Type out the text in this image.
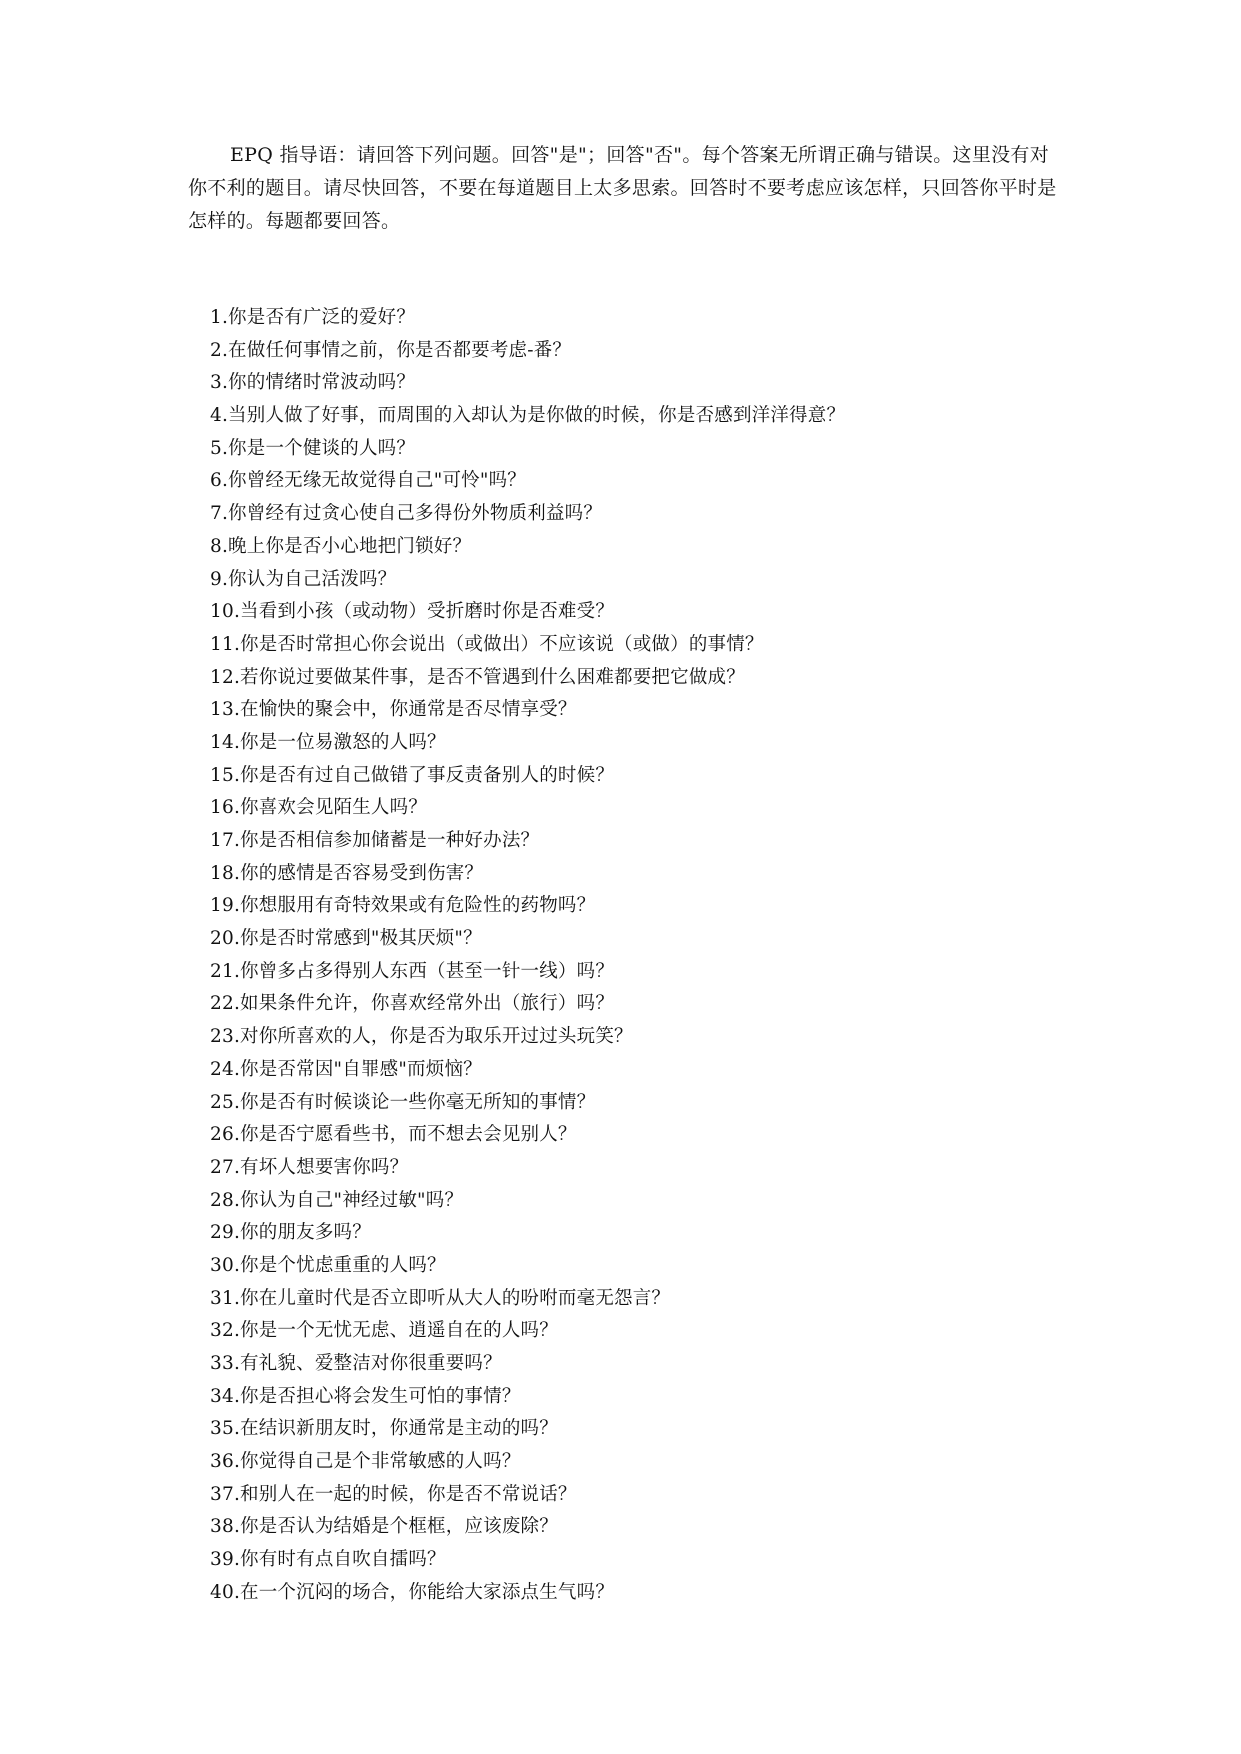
EPQ 指导语：请回答下列问题。回答"是"；回答"否"。每个答案无所谓正确与错误。这里没有对你不利的题目。请尽快回答，不要在每道题目上太多思索。回答时不要考虑应该怎样，只回答你平时是怎样的。每题都要回答。

1.你是否有广泛的爱好？
2.在做任何事情之前，你是否都要考虑-番？
3.你的情绪时常波动吗？
4.当别人做了好事，而周围的入却认为是你做的时候，你是否感到洋洋得意？
5.你是一个健谈的人吗？
6.你曾经无缘无故觉得自己"可怜"吗？
7.你曾经有过贪心使自己多得份外物质利益吗？
8.晚上你是否小心地把门锁好？
9.你认为自己活泼吗？
10.当看到小孩（或动物）受折磨时你是否难受？
11.你是否时常担心你会说出（或做出）不应该说（或做）的事情？
12.若你说过要做某件事，是否不管遇到什么困难都要把它做成？
13.在愉快的聚会中，你通常是否尽情享受？
14.你是一位易激怒的人吗？
15.你是否有过自己做错了事反责备别人的时候？
16.你喜欢会见陌生人吗？
17.你是否相信参加储蓄是一种好办法？
18.你的感情是否容易受到伤害？
19.你想服用有奇特效果或有危险性的药物吗？
20.你是否时常感到"极其厌烦"？
21.你曾多占多得别人东西（甚至一针一线）吗？
22.如果条件允许，你喜欢经常外出（旅行）吗？
23.对你所喜欢的人，你是否为取乐开过过头玩笑？
24.你是否常因"自罪感"而烦恼？
25.你是否有时候谈论一些你毫无所知的事情？
26.你是否宁愿看些书，而不想去会见别人？
27.有坏人想要害你吗？
28.你认为自己"神经过敏"吗？
29.你的朋友多吗？
30.你是个忧虑重重的人吗？
31.你在儿童时代是否立即听从大人的吩咐而毫无怨言？
32.你是一个无忧无虑、逍遥自在的人吗？
33.有礼貌、爱整洁对你很重要吗？
34.你是否担心将会发生可怕的事情？
35.在结识新朋友时，你通常是主动的吗？
36.你觉得自己是个非常敏感的人吗？
37.和别人在一起的时候，你是否不常说话？
38.你是否认为结婚是个框框，应该废除？
39.你有时有点自吹自擂吗？
40.在一个沉闷的场合，你能给大家添点生气吗？
